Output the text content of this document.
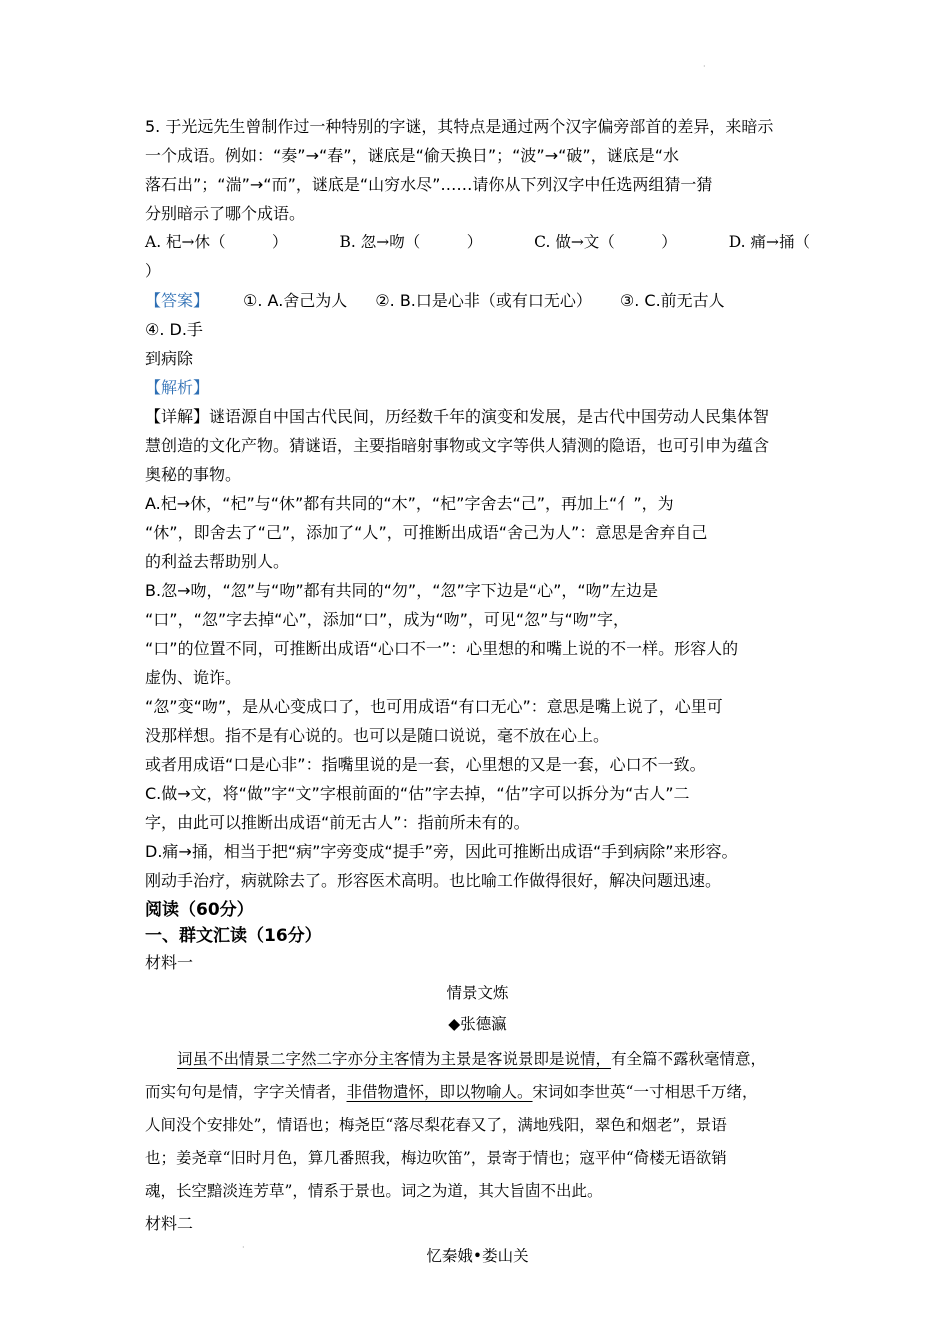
·
·

5. 于光远先生曾制作过一种特别的字谜，其特点是通过两个汉字偏旁部首的差异，来暗示
一个成语。例如：“奏”→“春”，谜底是“偷天换日”；“波”→“破”，谜底是“水
落石出”；“湍”→“而”，谜底是“山穷水尽”……请你从下列汉字中任选两组猜一猜
分别暗示了哪个成语。

A. 杞→休（　　　）	B. 忽→吻（　　　）	C. 做→文（　　　）	D. 痛→捅（

）

【答案】 ①. A.舍己为人 ②. B.口是心非（或有口无心） ③. C.前无古人
④. D.手

到病除

【解析】

【详解】谜语源自中国古代民间，历经数千年的演变和发展，是古代中国劳动人民集体智
慧创造的文化产物。猜谜语，主要指暗射事物或文字等供人猜测的隐语，也可引申为蕴含
奥秘的事物。
A.杞→休，“杞”与“休”都有共同的“木”，“杞”字舍去“己”，再加上“亻”，为
“休”，即舍去了“己”，添加了“人”，可推断出成语“舍己为人”：意思是舍弃自己
的利益去帮助别人。
B.忽→吻，“忽”与“吻”都有共同的“勿”，“忽”字下边是“心”，“吻”左边是
“口”，“忽”字去掉“心”，添加“口”，成为“吻”，可见“忽”与“吻”字，
“口”的位置不同，可推断出成语“心口不一”：心里想的和嘴上说的不一样。形容人的
虚伪、诡诈。
“忽”变“吻”，是从心变成口了，也可用成语“有口无心”：意思是嘴上说了，心里可
没那样想。指不是有心说的。也可以是随口说说，毫不放在心上。
或者用成语“口是心非”：指嘴里说的是一套，心里想的又是一套，心口不一致。
C.做→文，将“做”字“文”字根前面的“估”字去掉，“估”字可以拆分为“古人”二
字，由此可以推断出成语“前无古人”：指前所未有的。
D.痛→捅，相当于把“病”字旁变成“提手”旁，因此可推断出成语“手到病除”来形容。
刚动手治疗，病就除去了。形容医术高明。也比喻工作做得很好，解决问题迅速。

阅读（60分）

一、群文汇读（16分）

材料一

情景文炼

◆张德瀛

词虽不出情景二字然二字亦分主客情为主景是客说景即是说情，有全篇不露秋毫情意，
而实句句是情，字字关情者，非借物遣怀，即以物喻人。宋词如李世英“一寸相思千万绪，
人间没个安排处”，情语也；梅尧臣“落尽梨花春又了，满地残阳，翠色和烟老”，景语
也；姜尧章“旧时月色，算几番照我，梅边吹笛”，景寄于情也；寇平仲“倚楼无语欲销
魂，长空黯淡连芳草”，情系于景也。词之为道，其大旨固不出此。

材料二

忆秦娥•娄山关
